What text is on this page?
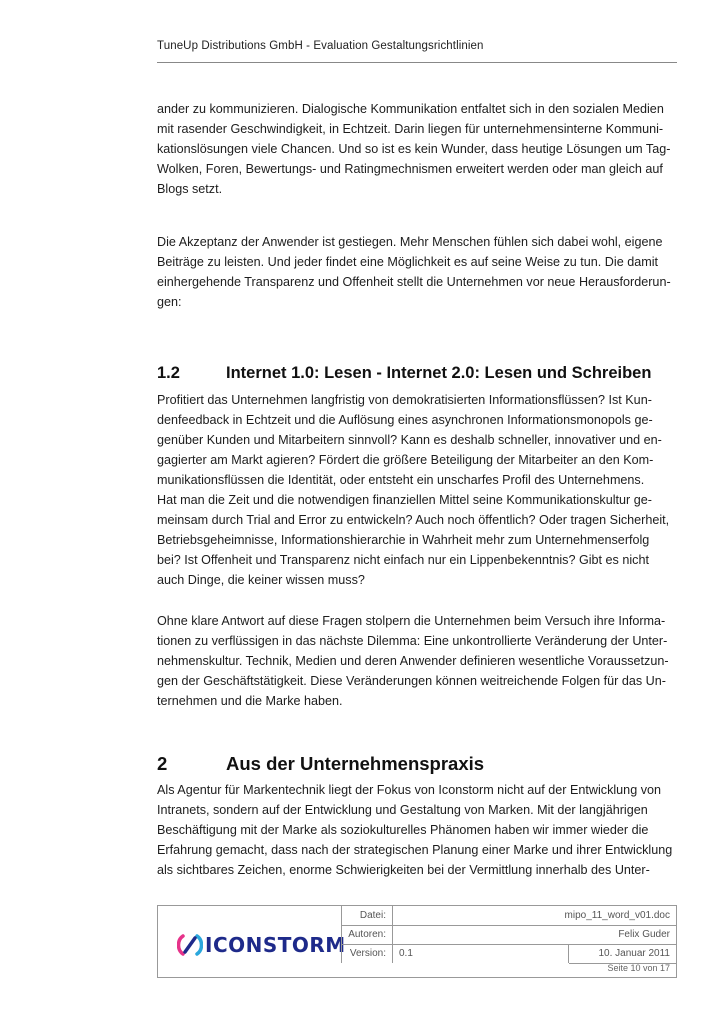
TuneUp Distributions GmbH - Evaluation Gestaltungsrichtlinien
ander zu kommunizieren. Dialogische Kommunikation entfaltet sich in den sozialen Medien
mit rasender Geschwindigkeit, in Echtzeit. Darin liegen für unternehmensinterne Kommuni-
kationslösungen viele Chancen. Und so ist es kein Wunder, dass heutige Lösungen um Tag-
Wolken, Foren, Bewertungs- und Ratingmechnismen erweitert werden oder man gleich auf
Blogs setzt.
Die Akzeptanz der Anwender ist gestiegen. Mehr Menschen fühlen sich dabei wohl, eigene
Beiträge zu leisten. Und jeder findet eine Möglichkeit es auf seine Weise zu tun. Die damit
einhergehende Transparenz und Offenheit stellt die Unternehmen vor neue Herausforderun-
gen:
1.2	Internet 1.0: Lesen - Internet 2.0: Lesen und Schreiben
Profitiert das Unternehmen langfristig von demokratisierten Informationsflüssen? Ist Kun-
denfeedback in Echtzeit und die Auflösung eines asynchronen Informationsmonopols ge-
genüber Kunden und Mitarbeitern sinnvoll? Kann es deshalb schneller, innovativer und en-
gagierter am Markt agieren? Fördert die größere Beteiligung der Mitarbeiter an den Kom-
munikationsflüssen die Identität, oder entsteht ein unscharfes Profil des Unternehmens.
Hat man die Zeit und die notwendigen finanziellen Mittel seine Kommunikationskultur ge-
meinsam durch Trial and Error zu entwickeln? Auch noch öffentlich? Oder tragen Sicherheit,
Betriebsgeheimnisse, Informationshierarchie in Wahrheit mehr zum Unternehmenserfolg
bei? Ist Offenheit und Transparenz nicht einfach nur ein Lippenbekenntnis? Gibt es nicht
auch Dinge, die keiner wissen muss?
Ohne klare Antwort auf diese Fragen stolpern die Unternehmen beim Versuch ihre Informa-
tionen zu verflüssigen in das nächste Dilemma: Eine unkontrollierte Veränderung der Unter-
nehmenskultur. Technik, Medien und deren Anwender definieren wesentliche Voraussetzun-
gen der Geschäftstätigkeit. Diese Veränderungen können weitreichende Folgen für das Un-
ternehmen und die Marke haben.
2	Aus der Unternehmenspraxis
Als Agentur für Markentechnik liegt der Fokus von Iconstorm nicht auf der Entwicklung von
Intranets, sondern auf der Entwicklung und Gestaltung von Marken. Mit der langjährigen
Beschäftigung mit der Marke als soziokulturelles Phänomen haben wir immer wieder die
Erfahrung gemacht, dass nach der strategischen Planung einer Marke und ihrer Entwicklung
als sichtbares Zeichen, enorme Schwierigkeiten bei der Vermittlung innerhalb des Unter-
ICONSTORM
Datei:	mipo_11_word_v01.doc
Autoren:	Felix Guder
Version:	0.1	10. Januar 2011
Seite 10 von 17
